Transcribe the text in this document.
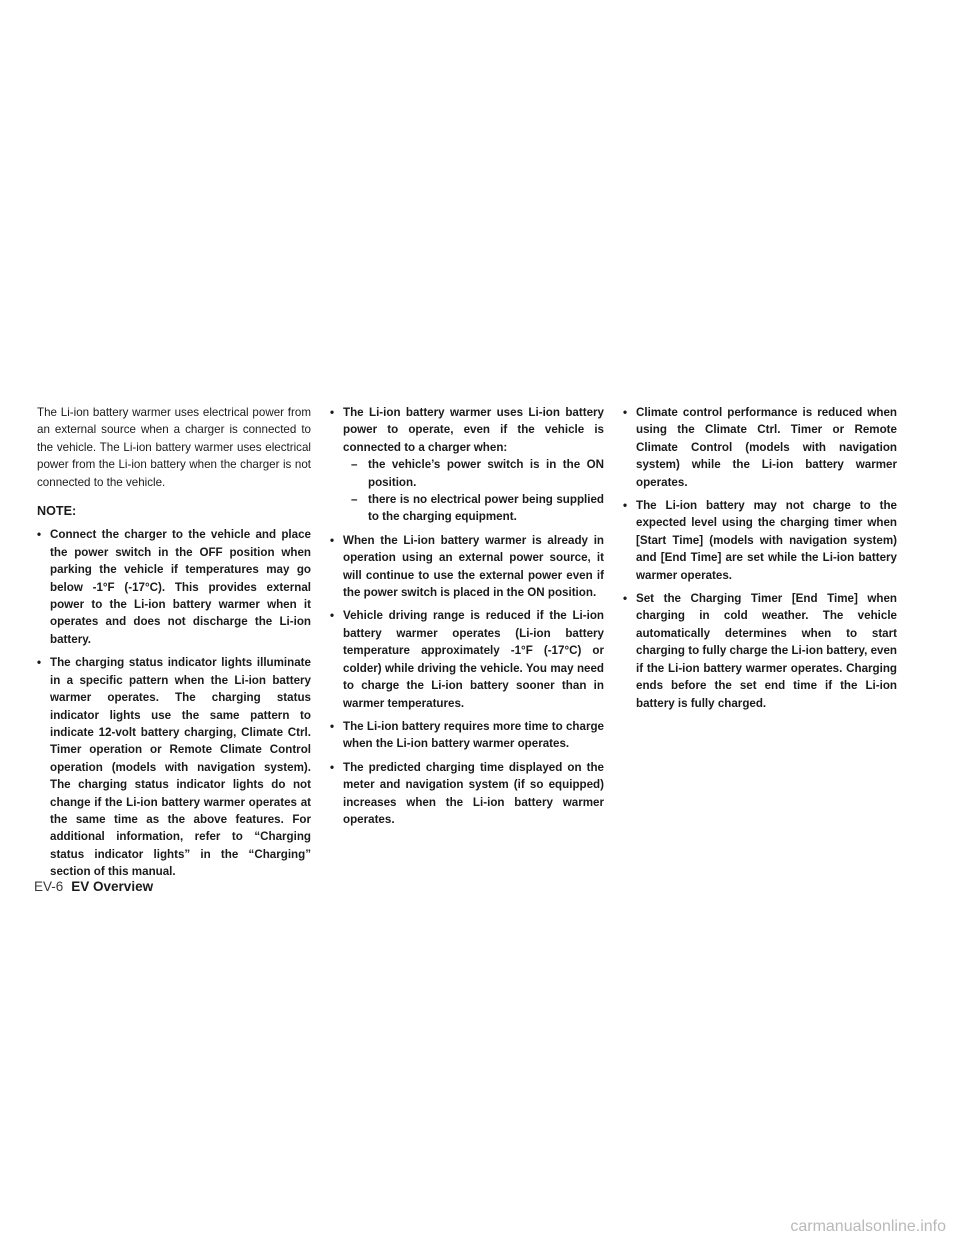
The Li-ion battery warmer uses electrical power from an external source when a charger is connected to the vehicle. The Li-ion battery warmer uses electrical power from the Li-ion battery when the charger is not connected to the vehicle.

NOTE:
• Connect the charger to the vehicle and place the power switch in the OFF position when parking the vehicle if temperatures may go below -1°F (-17°C). This provides external power to the Li-ion battery warmer when it operates and does not discharge the Li-ion battery.
• The charging status indicator lights illuminate in a specific pattern when the Li-ion battery warmer operates. The charging status indicator lights use the same pattern to indicate 12-volt battery charging, Climate Ctrl. Timer operation or Remote Climate Control operation (models with navigation system). The charging status indicator lights do not change if the Li-ion battery warmer operates at the same time as the above features. For additional information, refer to “Charging status indicator lights” in the “Charging” section of this manual.
• The Li-ion battery warmer uses Li-ion battery power to operate, even if the vehicle is connected to a charger when:
– the vehicle’s power switch is in the ON position.
– there is no electrical power being supplied to the charging equipment.
• When the Li-ion battery warmer is already in operation using an external power source, it will continue to use the external power even if the power switch is placed in the ON position.
• Vehicle driving range is reduced if the Li-ion battery warmer operates (Li-ion battery temperature approximately -1°F (-17°C) or colder) while driving the vehicle. You may need to charge the Li-ion battery sooner than in warmer temperatures.
• The Li-ion battery requires more time to charge when the Li-ion battery warmer operates.
• The predicted charging time displayed on the meter and navigation system (if so equipped) increases when the Li-ion battery warmer operates.
• Climate control performance is reduced when using the Climate Ctrl. Timer or Remote Climate Control (models with navigation system) while the Li-ion battery warmer operates.
• The Li-ion battery may not charge to the expected level using the charging timer when [Start Time] (models with navigation system) and [End Time] are set while the Li-ion battery warmer operates.
• Set the Charging Timer [End Time] when charging in cold weather. The vehicle automatically determines when to start charging to fully charge the Li-ion battery, even if the Li-ion battery warmer operates. Charging ends before the set end time if the Li-ion battery is fully charged.
EV-6 EV Overview
carmanualsonline.info
